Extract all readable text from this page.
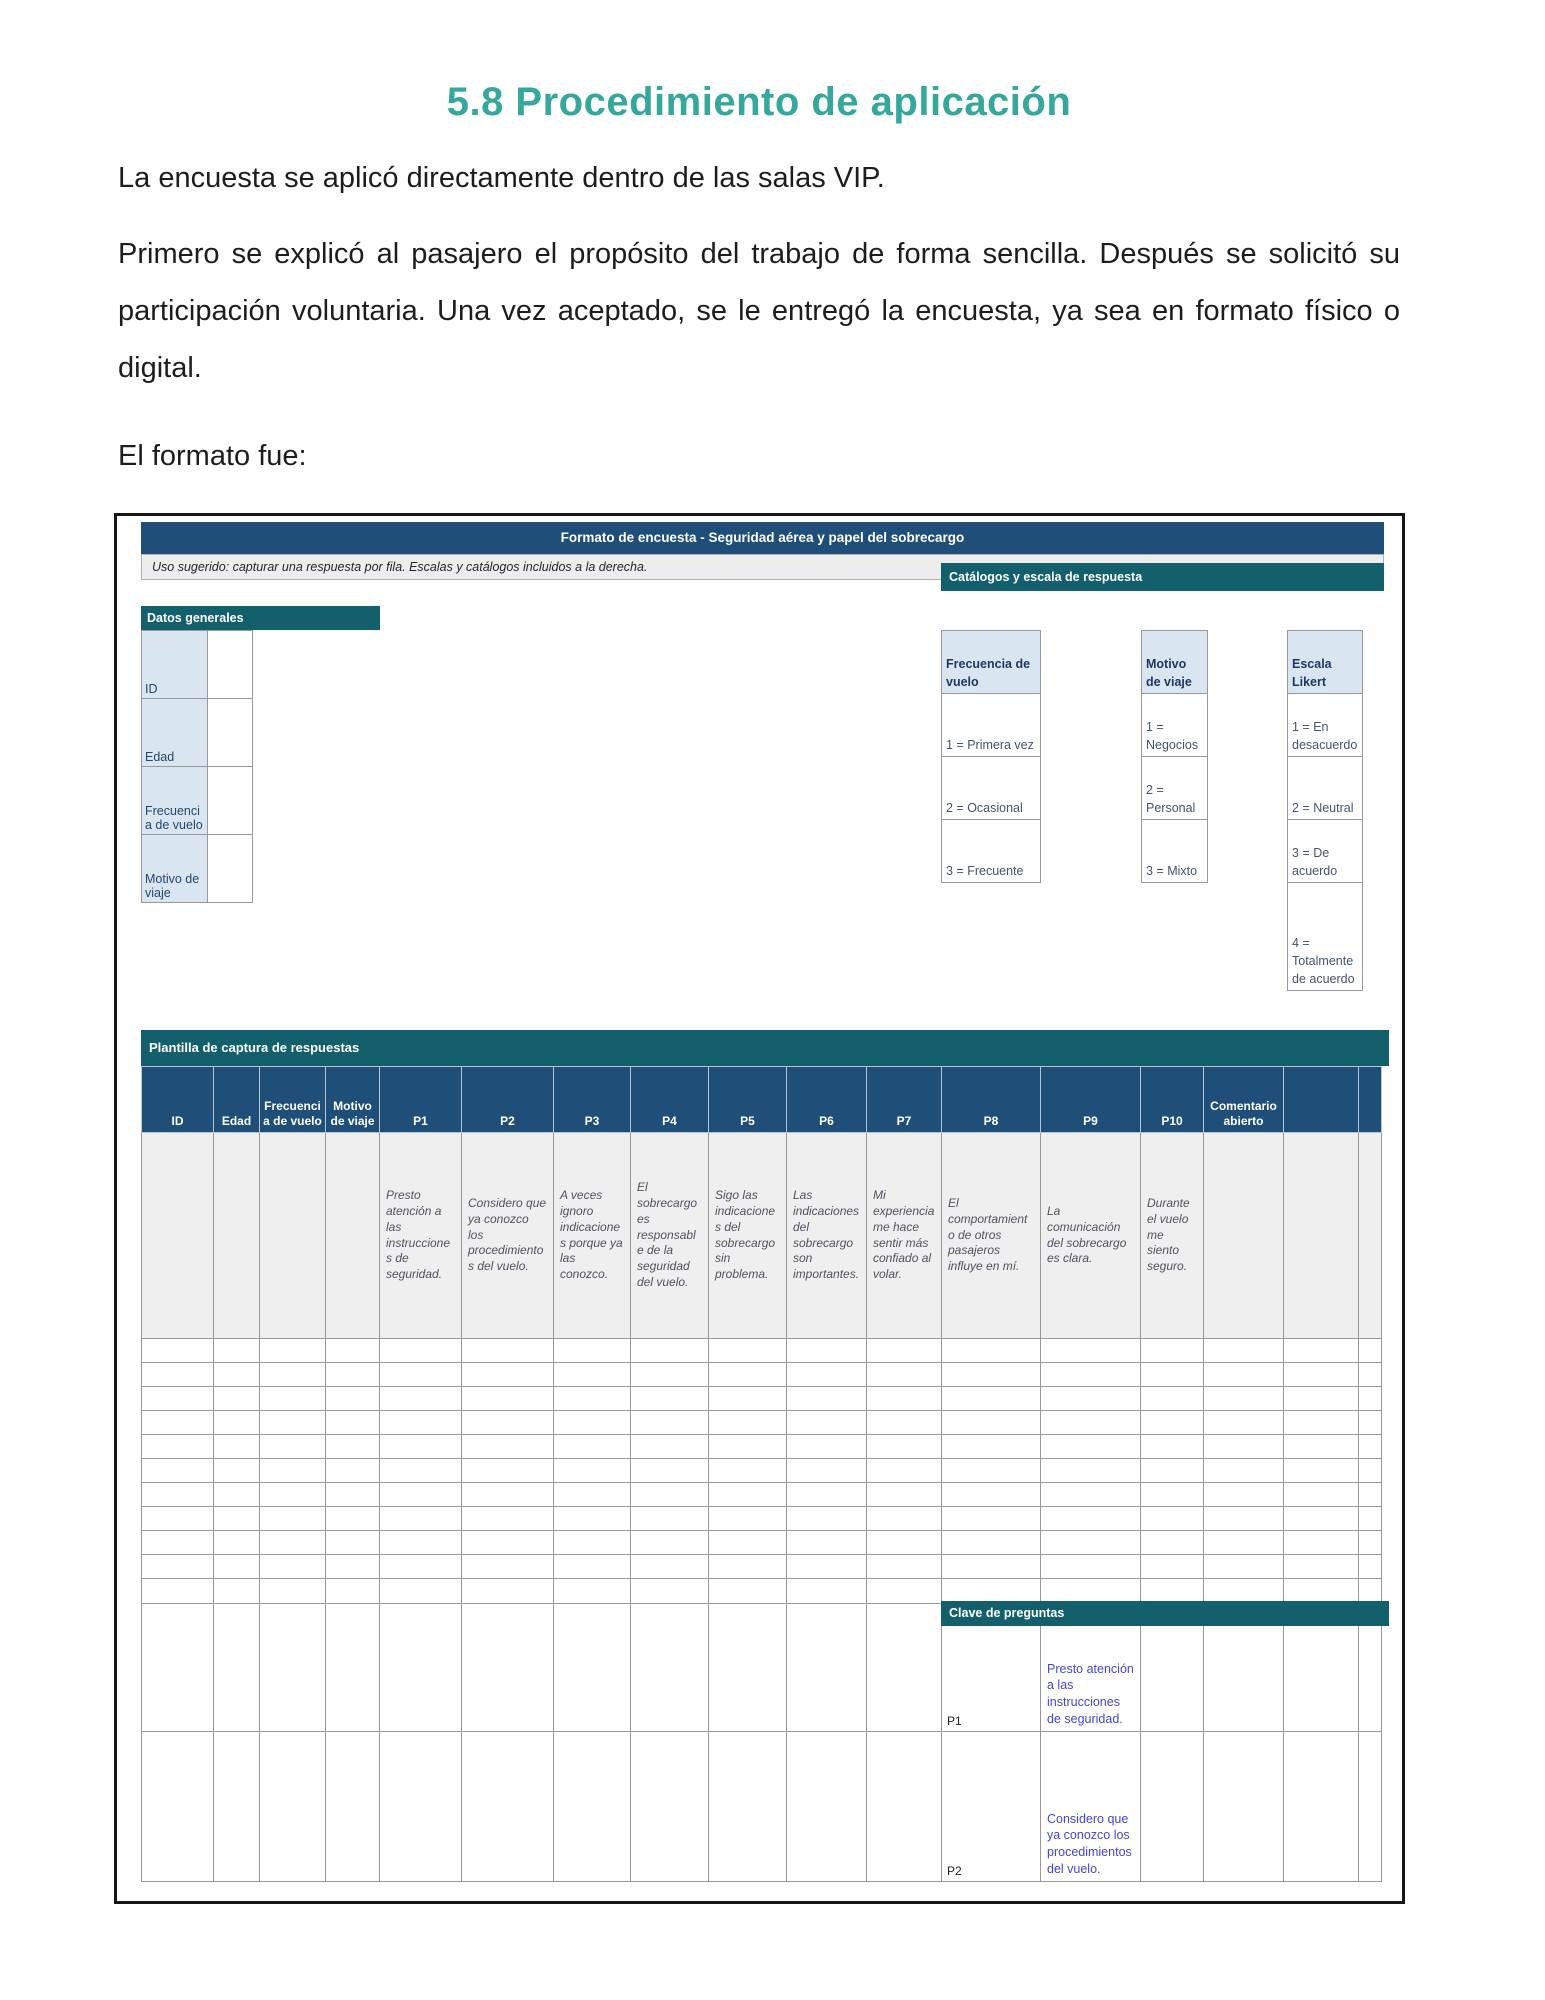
5.8 Procedimiento de aplicación
La encuesta se aplicó directamente dentro de las salas VIP.
Primero se explicó al pasajero el propósito del trabajo de forma sencilla. Después se solicitó su participación voluntaria. Una vez aceptado, se le entregó la encuesta, ya sea en formato físico o digital.
El formato fue:
Formato de encuesta - Seguridad aérea y papel del sobrecargo
Uso sugerido: capturar una respuesta por fila. Escalas y catálogos incluidos a la derecha.
Datos generales
ID	
Edad	
Frecuencia de vuelo	
Motivo de viaje	
Catálogos y escala de respuesta
Frecuencia de vuelo
1 = Primera vez
2 = Ocasional
3 = Frecuente
Motivo de viaje
1 = Negocios
2 = Personal
3 = Mixto
Escala Likert
1 = En desacuerdo
2 = Neutral
3 = De acuerdo
4 = Totalmente de acuerdo
Plantilla de captura de respuestas
ID	Edad	Frecuencia de vuelo	Motivo de viaje	P1	P2	P3	P4	P5	P6	P7	P8	P9	P10	Comentario abierto		
				Presto atención a las instrucciones de seguridad.	Considero que ya conozco los procedimientos del vuelo.	A veces ignoro indicaciones porque ya las conozco.	El sobrecargo es responsable de la seguridad del vuelo.	Sigo las indicaciones del sobrecargo sin problema.	Las indicaciones del sobrecargo son importantes.	Mi experiencia me hace sentir más confiado al volar.	El comportamiento de otros pasajeros influye en mí.	La comunicación del sobrecargo es clara.	Durante el vuelo me siento seguro.			

											P1	Presto atención a las instrucciones de seguridad.				
											P2	Considero que ya conozco los procedimientos del vuelo.				
Clave de preguntas
